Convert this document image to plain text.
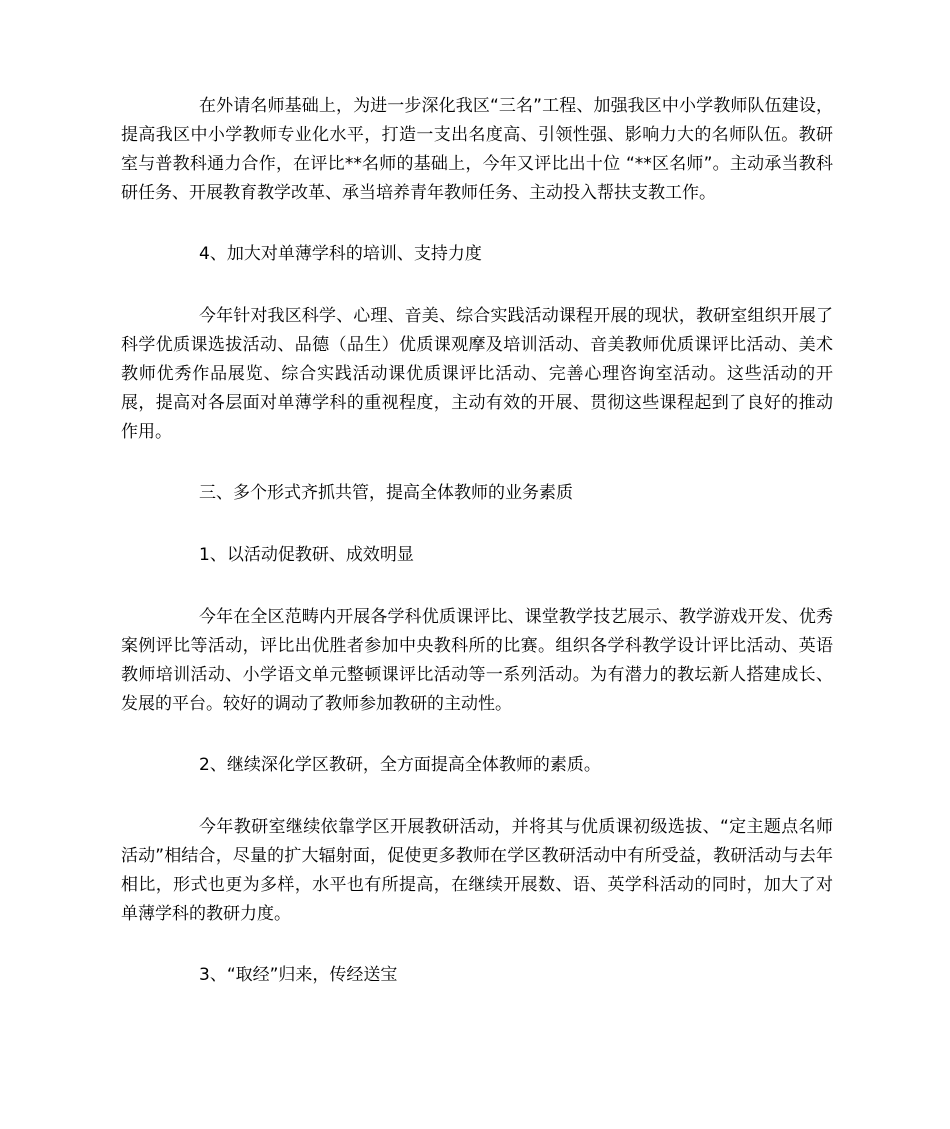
在外请名师基础上，为进一步深化我区“三名”工程、加强我区中小学教师队伍建设，提高我区中小学教师专业化水平，打造一支出名度高、引领性强、影响力大的名师队伍。教研室与普教科通力合作，在评比**名师的基础上，今年又评比出十位 “**区名师”。主动承当教科研任务、开展教育教学改革、承当培养青年教师任务、主动投入帮扶支教工作。

4、加大对单薄学科的培训、支持力度

今年针对我区科学、心理、音美、综合实践活动课程开展的现状，教研室组织开展了科学优质课选拔活动、品德（品生）优质课观摩及培训活动、音美教师优质课评比活动、美术教师优秀作品展览、综合实践活动课优质课评比活动、完善心理咨询室活动。这些活动的开展，提高对各层面对单薄学科的重视程度，主动有效的开展、贯彻这些课程起到了良好的推动作用。

三、多个形式齐抓共管，提高全体教师的业务素质

1、以活动促教研、成效明显

今年在全区范畴内开展各学科优质课评比、课堂教学技艺展示、教学游戏开发、优秀案例评比等活动，评比出优胜者参加中央教科所的比赛。组织各学科教学设计评比活动、英语教师培训活动、小学语文单元整顿课评比活动等一系列活动。为有潜力的教坛新人搭建成长、发展的平台。较好的调动了教师参加教研的主动性。

2、继续深化学区教研，全方面提高全体教师的素质。

今年教研室继续依靠学区开展教研活动，并将其与优质课初级选拔、“定主题点名师活动”相结合，尽量的扩大辐射面，促使更多教师在学区教研活动中有所受益，教研活动与去年相比，形式也更为多样，水平也有所提高，在继续开展数、语、英学科活动的同时，加大了对单薄学科的教研力度。

3、“取经”归来，传经送宝
